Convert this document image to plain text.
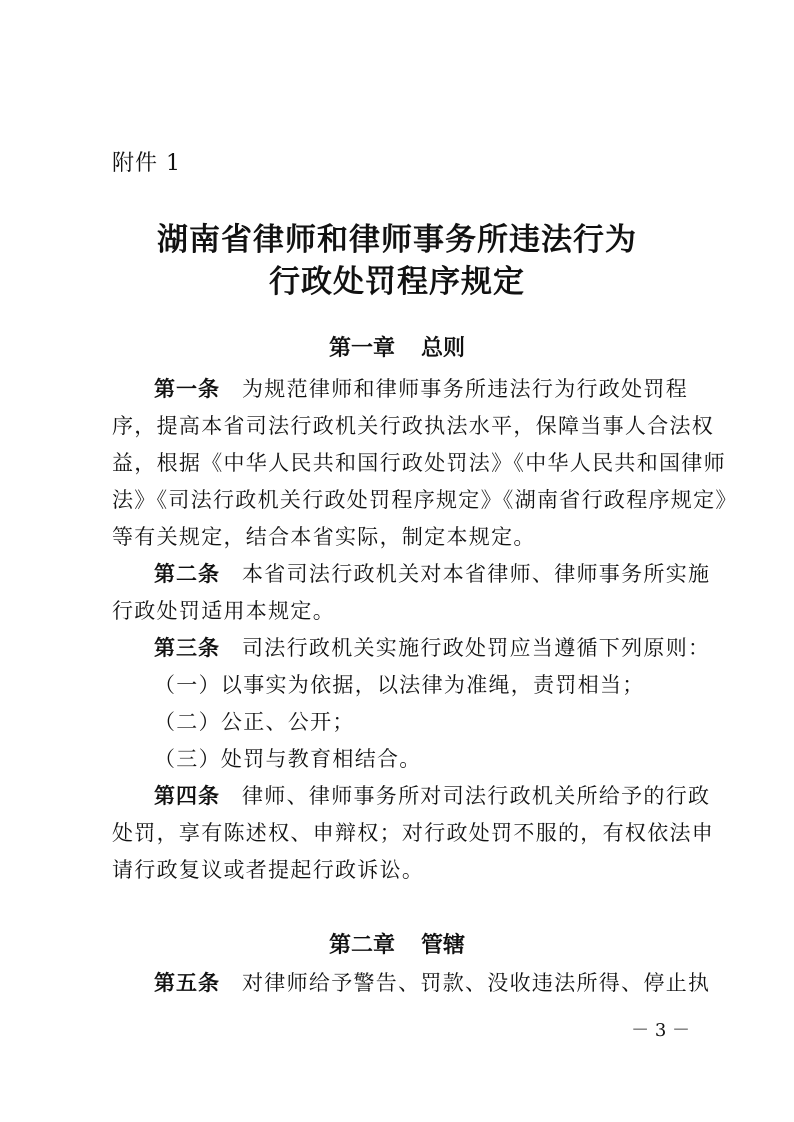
附件 1
湖南省律师和律师事务所违法行为
行政处罚程序规定
第一章 总则
第一条 为规范律师和律师事务所违法行为行政处罚程
序，提高本省司法行政机关行政执法水平，保障当事人合法权
益，根据《中华人民共和国行政处罚法》《中华人民共和国律师
法》《司法行政机关行政处罚程序规定》《湖南省行政程序规定》
等有关规定，结合本省实际，制定本规定。
第二条 本省司法行政机关对本省律师、律师事务所实施
行政处罚适用本规定。
第三条 司法行政机关实施行政处罚应当遵循下列原则：
（一）以事实为依据，以法律为准绳，责罚相当；
（二）公正、公开；
（三）处罚与教育相结合。
第四条 律师、律师事务所对司法行政机关所给予的行政
处罚，享有陈述权、申辩权；对行政处罚不服的，有权依法申
请行政复议或者提起行政诉讼。
第二章 管辖
第五条 对律师给予警告、罚款、没收违法所得、停止执
－ 3 －
